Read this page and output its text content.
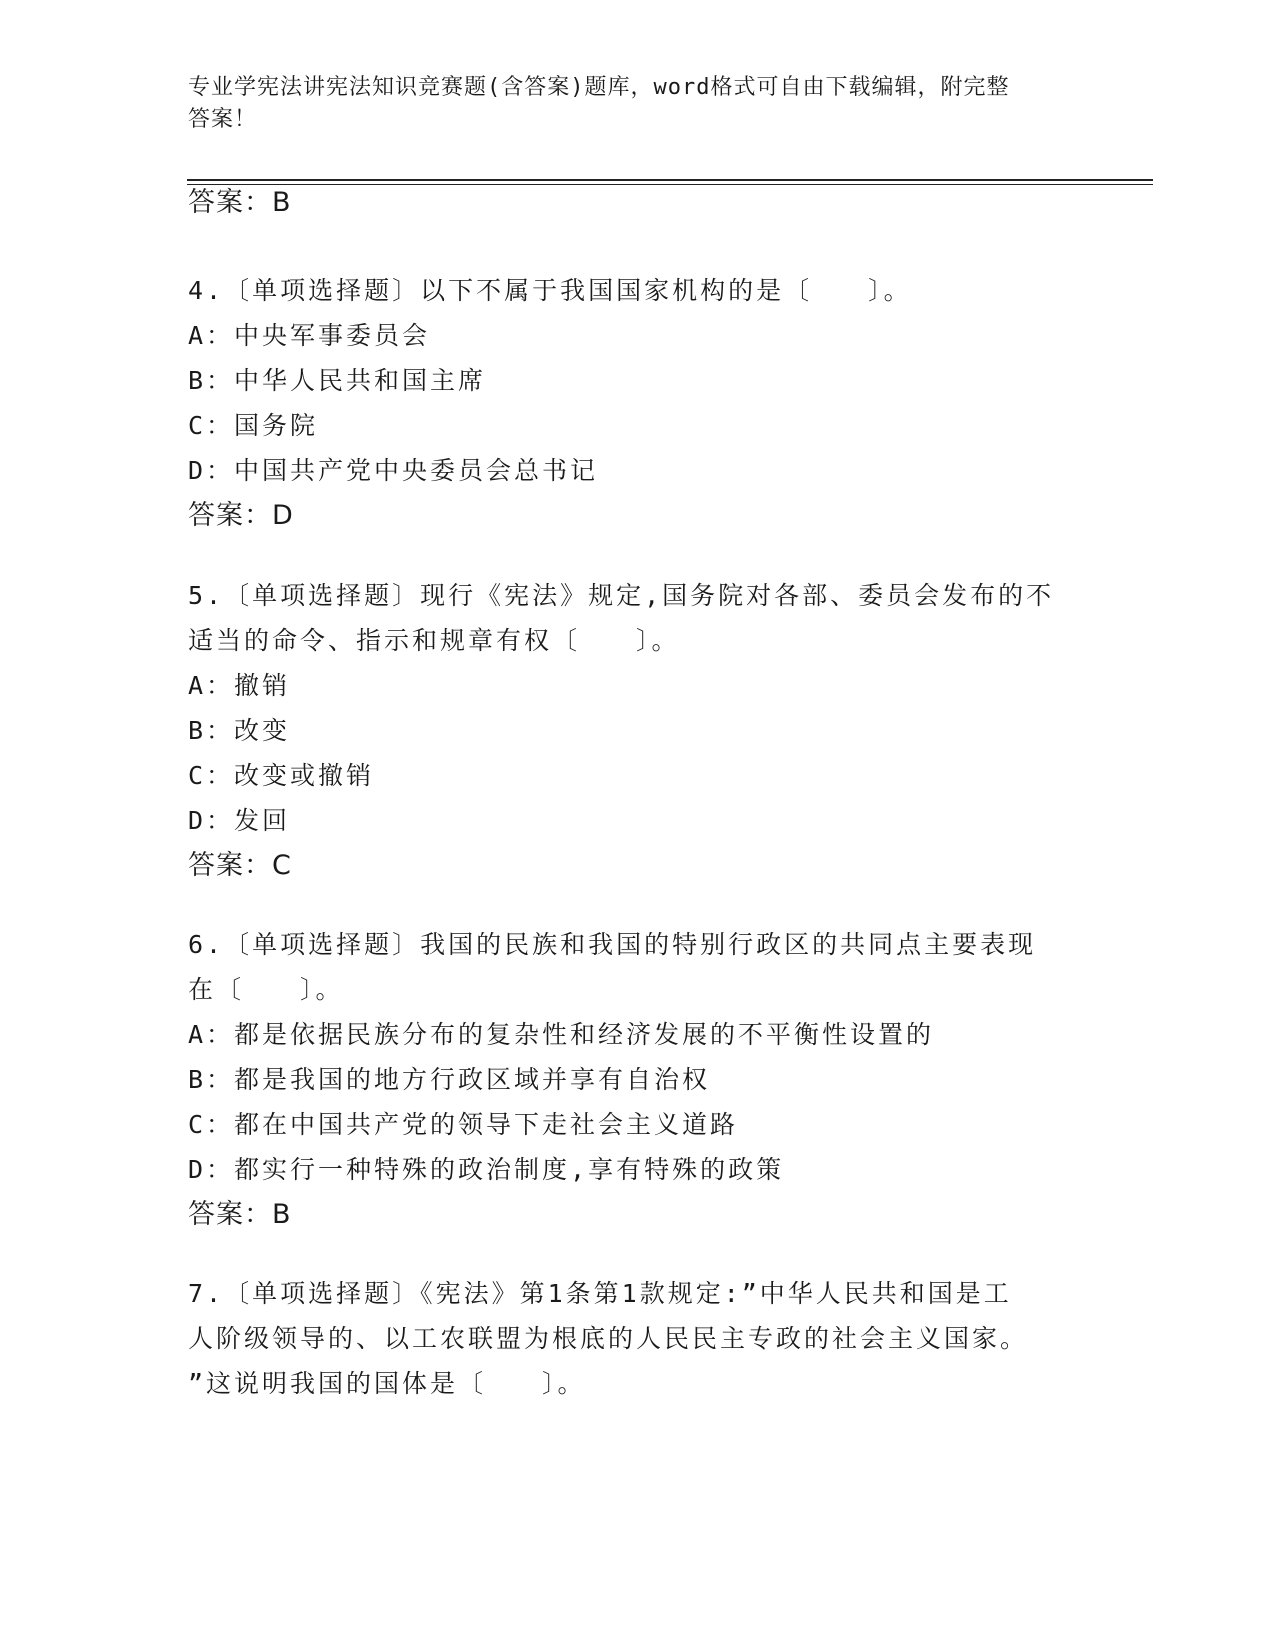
专业学宪法讲宪法知识竞赛题(含答案)题库，word格式可自由下载编辑，附完整
答案！
答案：B
4.〔单项选择题〕以下不属于我国国家机构的是〔　　〕。
A：中央军事委员会
B：中华人民共和国主席
C：国务院
D：中国共产党中央委员会总书记
答案：D
5.〔单项选择题〕现行《宪法》规定,国务院对各部、委员会发布的不
适当的命令、指示和规章有权〔　　〕。
A：撤销
B：改变
C：改变或撤销
D：发回
答案：C
6.〔单项选择题〕我国的民族和我国的特别行政区的共同点主要表现
在〔　　〕。
A：都是依据民族分布的复杂性和经济发展的不平衡性设置的
B：都是我国的地方行政区域并享有自治权
C：都在中国共产党的领导下走社会主义道路
D：都实行一种特殊的政治制度,享有特殊的政策
答案：B
7.〔单项选择题〕《宪法》第1条第1款规定:”中华人民共和国是工
人阶级领导的、以工农联盟为根底的人民民主专政的社会主义国家。
”这说明我国的国体是〔　　〕。
